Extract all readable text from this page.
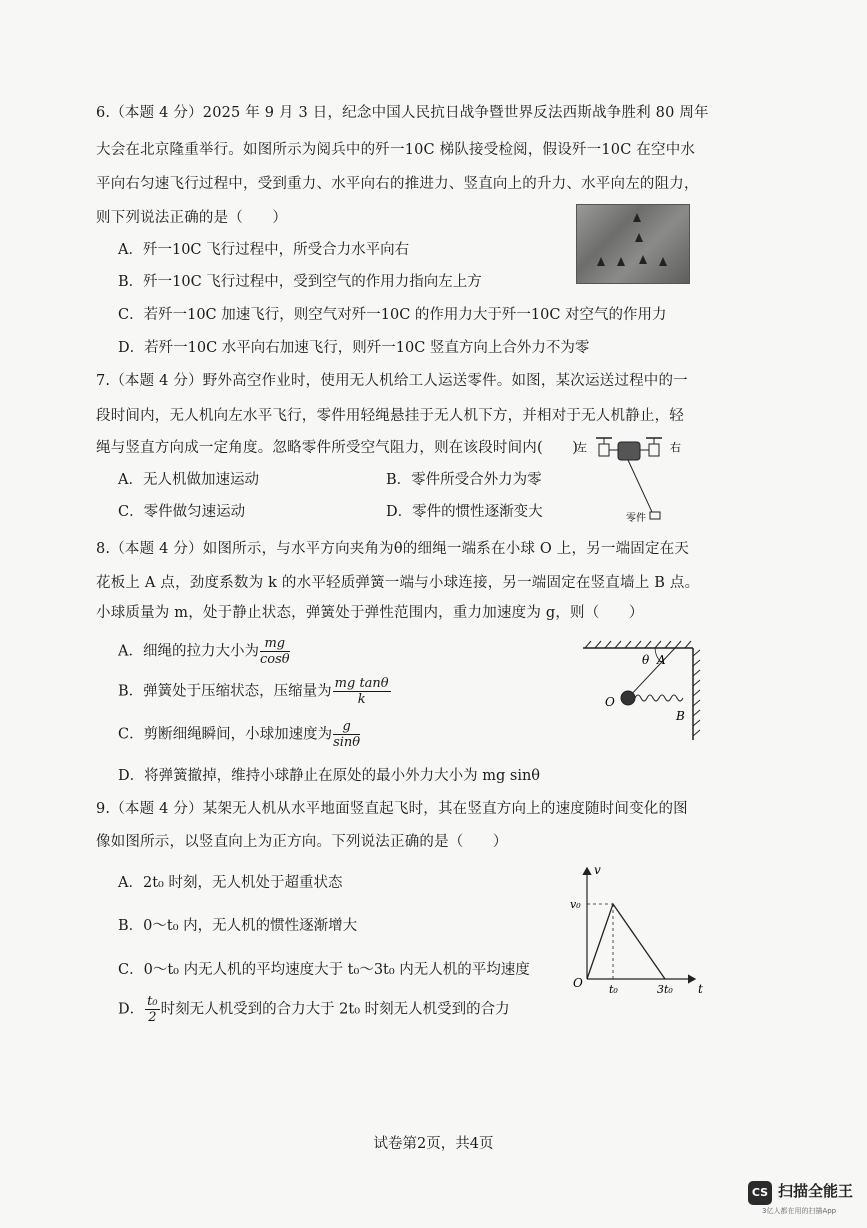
6.（本题 4 分）2025 年 9 月 3 日，纪念中国人民抗日战争暨世界反法西斯战争胜利 80 周年
大会在北京隆重举行。如图所示为阅兵中的歼一10C 梯队接受检阅，假设歼一10C 在空中水
平向右匀速飞行过程中，受到重力、水平向右的推进力、竖直向上的升力、水平向左的阻力，
则下列说法正确的是（　　）
A．歼一10C 飞行过程中，所受合力水平向右
B．歼一10C 飞行过程中，受到空气的作用力指向左上方
C．若歼一10C 加速飞行，则空气对歼一10C 的作用力大于歼一10C 对空气的作用力
D．若歼一10C 水平向右加速飞行，则歼一10C 竖直方向上合外力不为零
7.（本题 4 分）野外高空作业时，使用无人机给工人运送零件。如图，某次运送过程中的一
段时间内，无人机向左水平飞行，零件用轻绳悬挂于无人机下方，并相对于无人机静止，轻
绳与竖直方向成一定角度。忽略零件所受空气阻力，则在该段时间内(　　)
A．无人机做加速运动	B．零件所受合外力为零
C．零件做匀速运动	D．零件的惯性逐渐变大
左	右
零件
8.（本题 4 分）如图所示，与水平方向夹角为θ的细绳一端系在小球 O 上，另一端固定在天
花板上 A 点，劲度系数为 k 的水平轻质弹簧一端与小球连接，另一端固定在竖直墙上 B 点。
小球质量为 m，处于静止状态，弹簧处于弹性范围内，重力加速度为 g，则（　　）
A．细绳的拉力大小为 $\frac{mg}{\cos\theta}$
B．弹簧处于压缩状态，压缩量为 $\frac{\text{mg tanθ}}{k}$
C．剪断细绳瞬间，小球加速度为 $\frac{g}{\sin\theta}$
D．将弹簧撤掉，维持小球静止在原处的最小外力大小为 mg sinθ
θ A
O
B
9.（本题 4 分）某架无人机从水平地面竖直起飞时，其在竖直方向上的速度随时间变化的图
像如图所示，以竖直向上为正方向。下列说法正确的是（　　）
A．2t₀ 时刻，无人机处于超重状态
B．0～t₀ 内，无人机的惯性逐渐增大
C．0～t₀ 内无人机的平均速度大于 t₀～3t₀ 内无人机的平均速度
D． $\frac{\text{t₀}}{2}$ 时刻无人机受到的合力大于 2t₀ 时刻无人机受到的合力
v
t
O t₀	3t₀
v₀
试卷第2页，共4页
CS 扫描全能王
3亿人都在用的扫描App
